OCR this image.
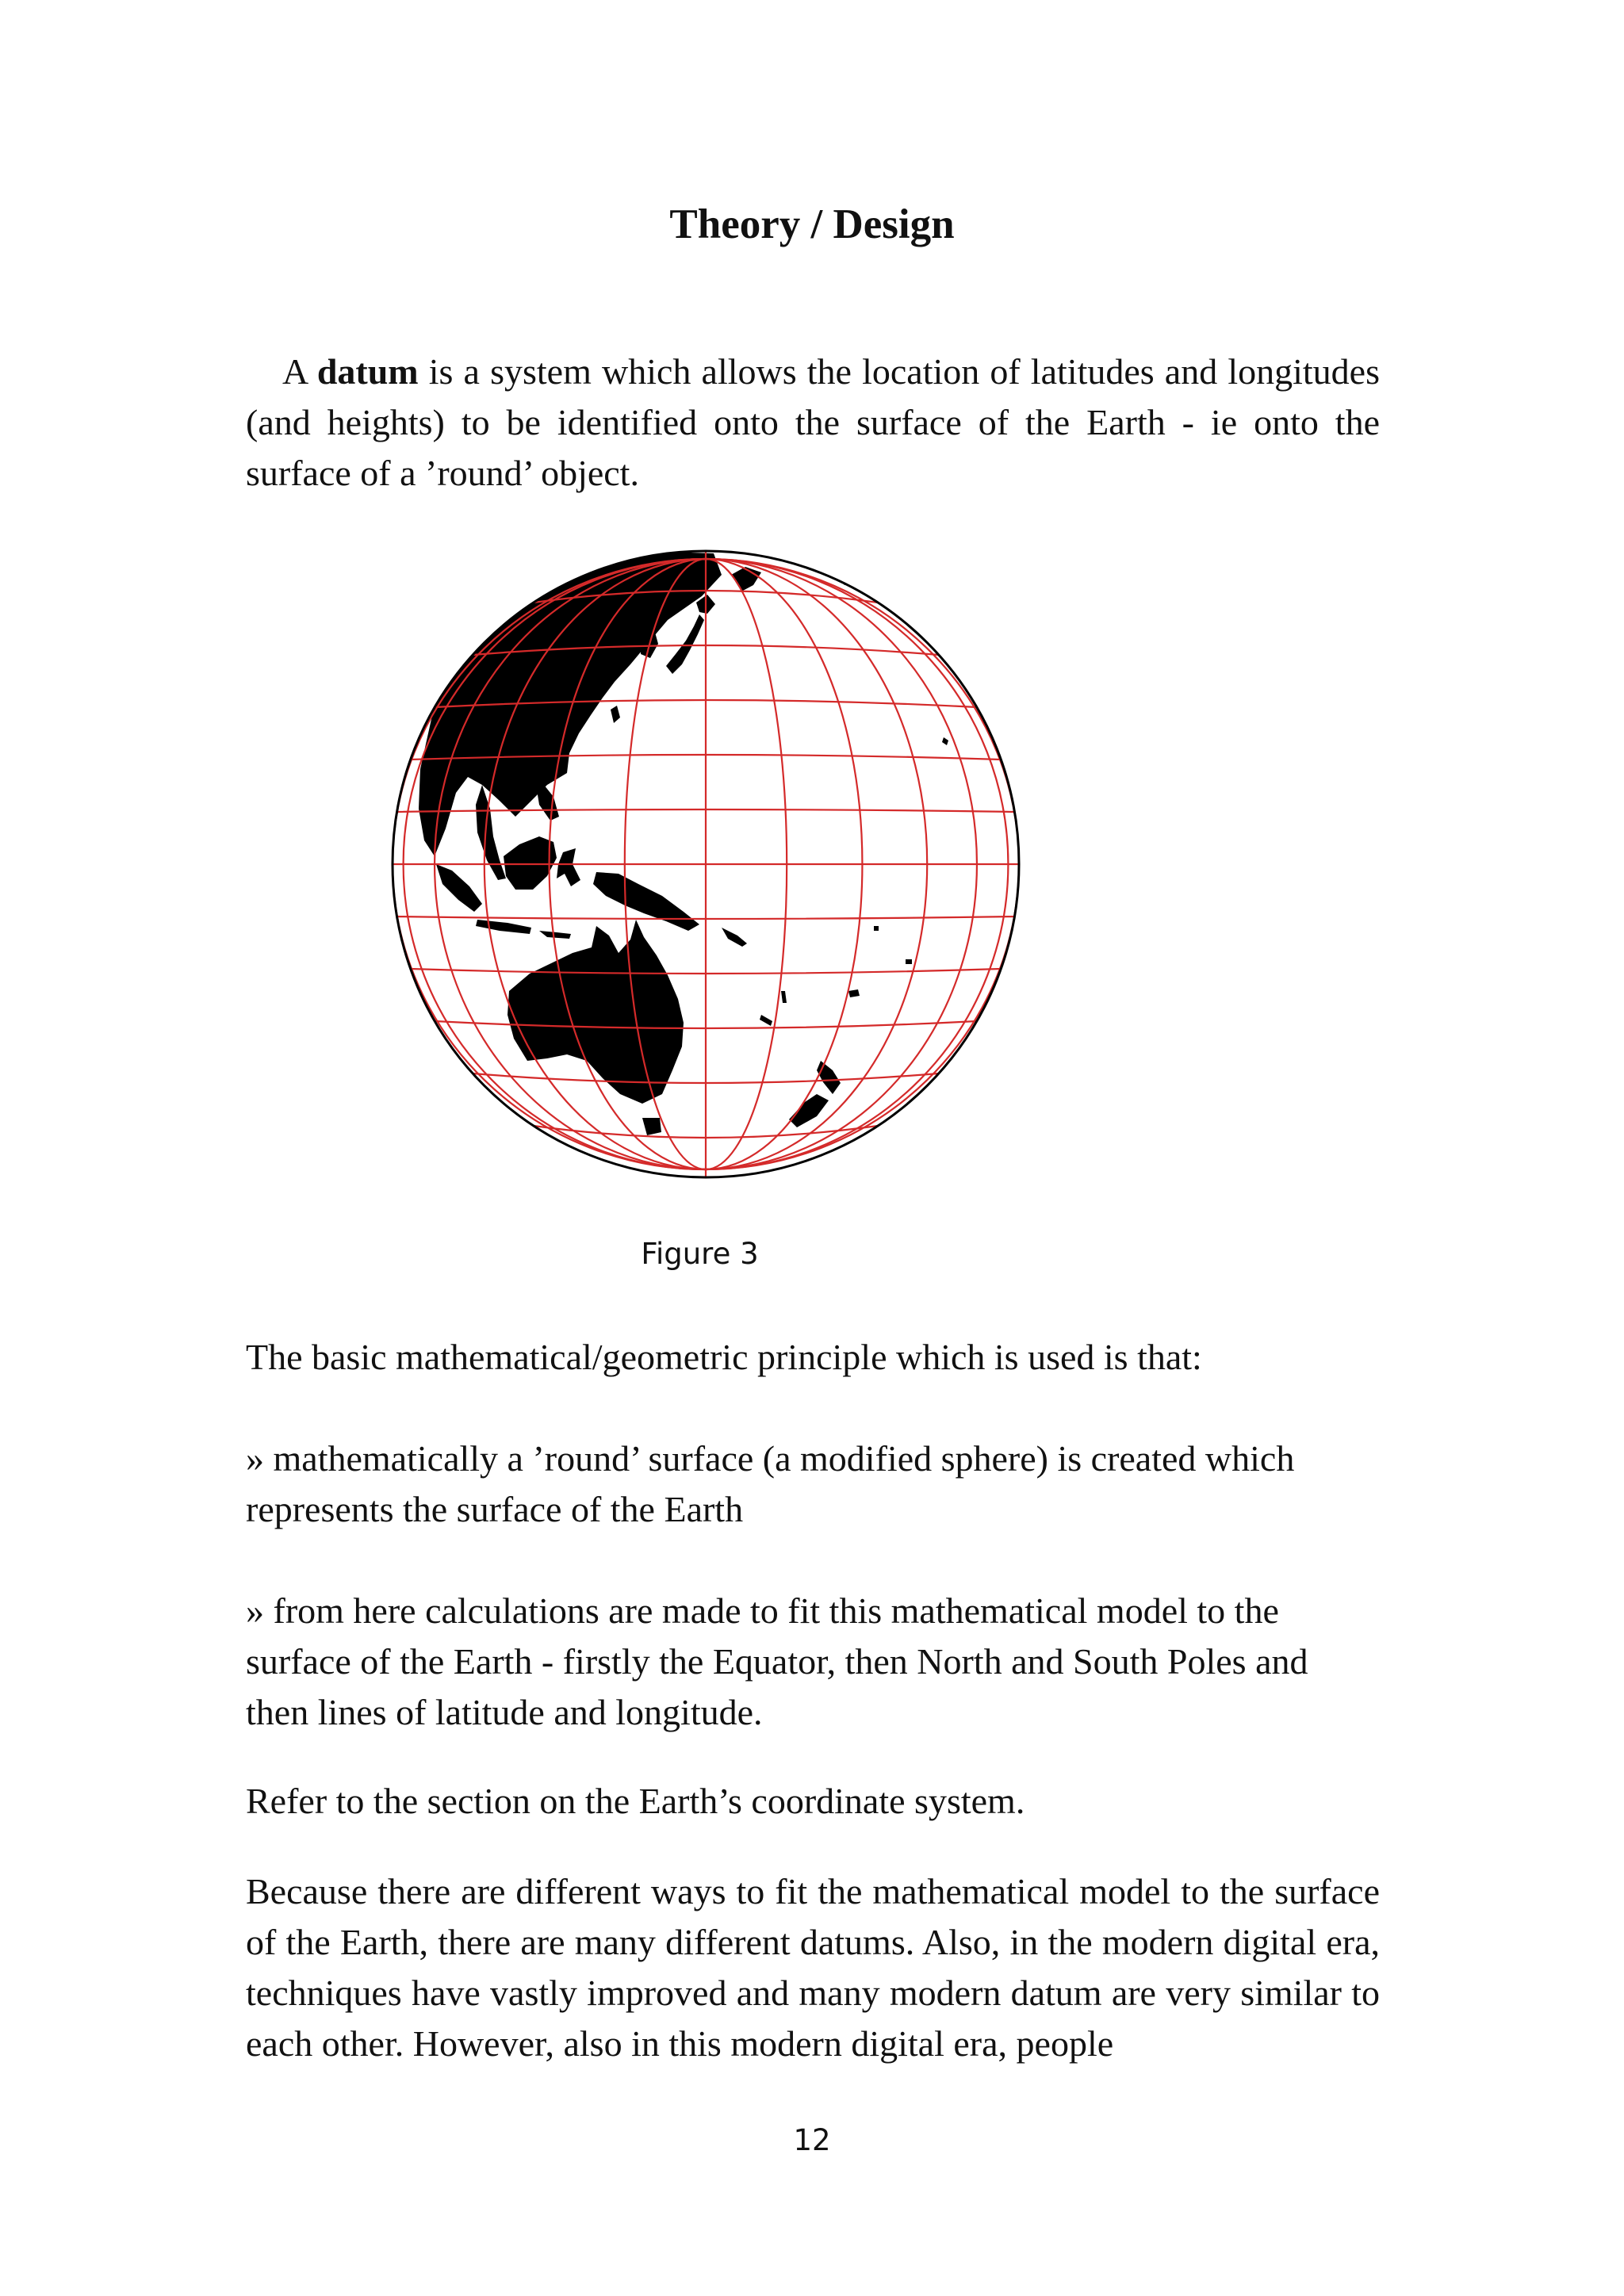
Theory / Design
A datum is a system which allows the location of latitudes and longitudes (and heights) to be identified onto the surface of the Earth - ie onto the surface of a ’round’ object.
Figure 3
The basic mathematical/geometric principle which is used is that:
» mathematically a ’round’ surface (a modified sphere) is created which represents the surface of the Earth
» from here calculations are made to fit this mathematical model to the surface of the Earth - firstly the Equator, then North and South Poles and then lines of latitude and longitude.
Refer to the section on the Earth’s coordinate system.
Because there are different ways to fit the mathematical model to the surface of the Earth, there are many different datums. Also, in the modern digital era, techniques have vastly improved and many modern datum are very similar to each other. However, also in this modern digital era, people
12
